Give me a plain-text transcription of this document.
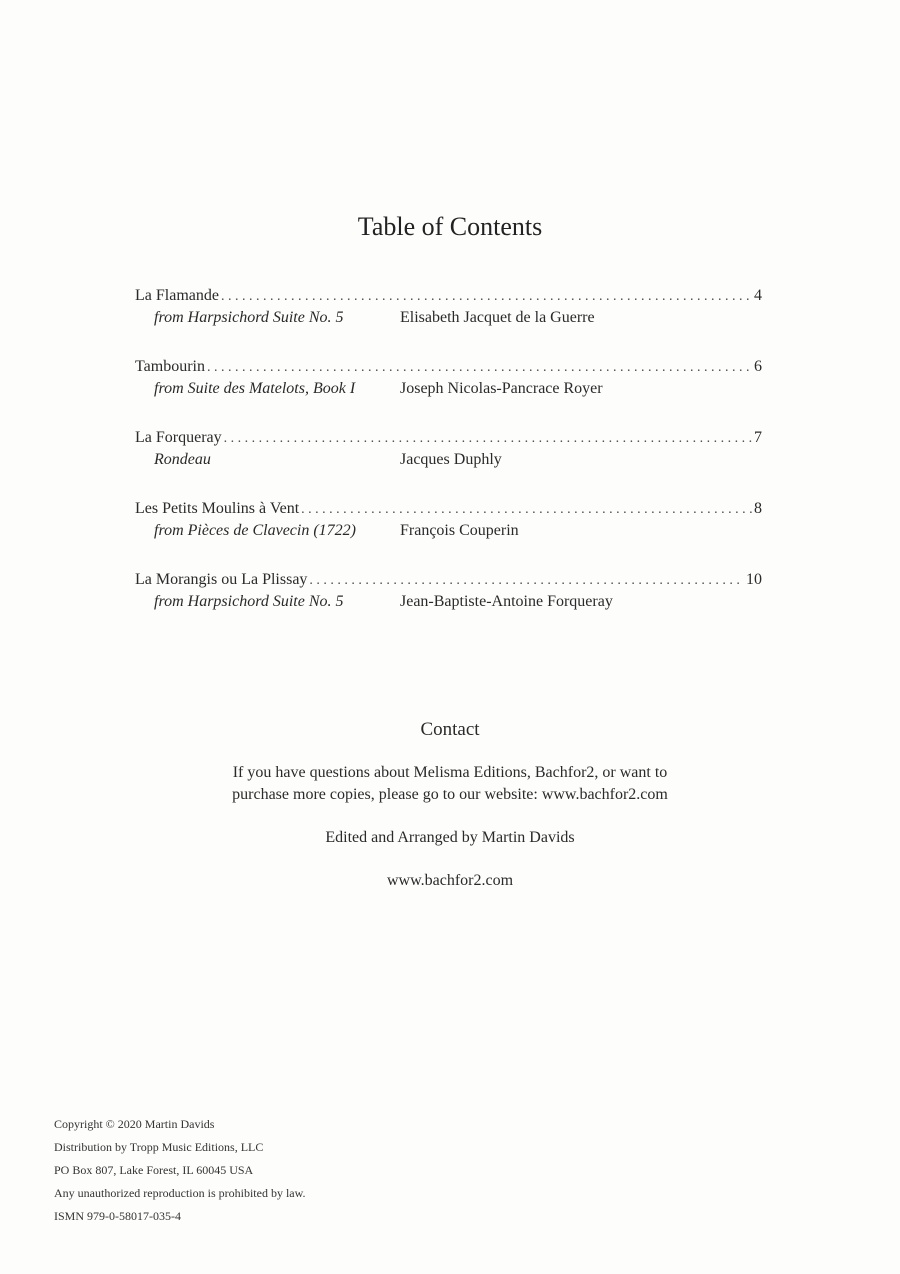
Table of Contents
La Flamande . . .	4
from Harpsichord Suite No. 5	Elisabeth Jacquet de la Guerre
Tambourin . . .	6
from Suite des Matelots, Book I	Joseph Nicolas-Pancrace Royer
La Forqueray . . .	7
Rondeau	Jacques Duphly
Les Petits Moulins à Vent . . .	8
from Pièces de Clavecin (1722)	François Couperin
La Morangis ou La Plissay . . .	10
from Harpsichord Suite No. 5	Jean-Baptiste-Antoine Forqueray
Contact
If you have questions about Melisma Editions, Bachfor2, or want to
purchase more copies, please go to our website: www.bachfor2.com
Edited and Arranged by Martin Davids
www.bachfor2.com
Copyright © 2020 Martin Davids
Distribution by Tropp Music Editions, LLC
PO Box 807, Lake Forest, IL 60045 USA
Any unauthorized reproduction is prohibited by law.
ISMN 979-0-58017-035-4
